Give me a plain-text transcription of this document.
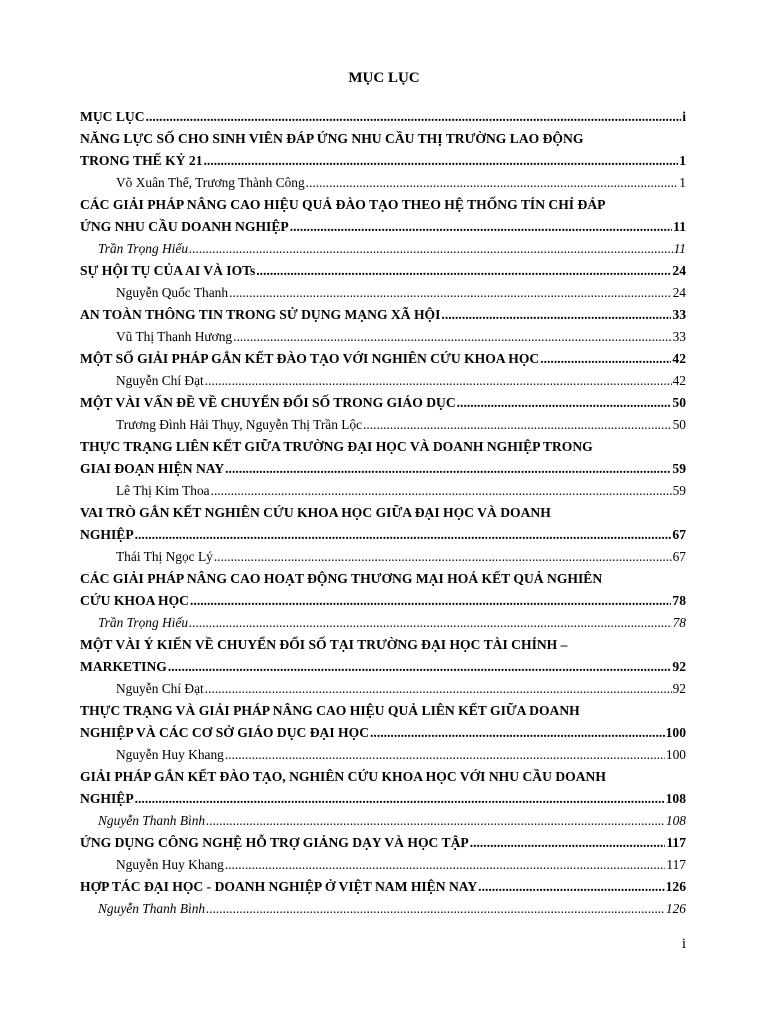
MỤC LỤC
MỤC LỤC .....	i
NĂNG LỰC SỐ CHO SINH VIÊN ĐÁP ỨNG NHU CẦU THỊ TRƯỜNG LAO ĐỘNG
TRONG THẾ KỶ 21 .....	1
Võ Xuân Thể, Trương Thành Công .....	1
CÁC GIẢI PHÁP NÂNG CAO HIỆU QUẢ ĐÀO TẠO THEO HỆ THỐNG TÍN CHỈ ĐÁP
ỨNG NHU CẦU DOANH NGHIỆP .....	11
Trần Trọng Hiếu .....	11
SỰ HỘI TỤ CỦA AI VÀ IOTs .....	24
Nguyễn Quốc Thanh .....	24
AN TOÀN THÔNG TIN TRONG SỬ DỤNG MẠNG XÃ HỘI .....	33
Vũ Thị Thanh Hương .....	33
MỘT SỐ GIẢI PHÁP GẮN KẾT ĐÀO TẠO VỚI NGHIÊN CỨU KHOA HỌC .....	42
Nguyễn Chí Đạt .....	42
MỘT VÀI VẤN ĐỀ VỀ CHUYỂN ĐỔI SỐ TRONG GIÁO DỤC .....	50
Trương Đình Hải Thụy, Nguyễn Thị Trần Lộc .....	50
THỰC TRẠNG LIÊN KẾT GIỮA TRƯỜNG ĐẠI HỌC VÀ DOANH NGHIỆP TRONG
GIAI ĐOẠN HIỆN NAY .....	59
Lê Thị Kim Thoa .....	59
VAI TRÒ GẮN KẾT NGHIÊN CỨU KHOA HỌC GIỮA ĐẠI HỌC VÀ DOANH
NGHIỆP .....	67
Thái Thị Ngọc Lý .....	67
CÁC GIẢI PHÁP NÂNG CAO HOẠT ĐỘNG THƯƠNG MẠI HOÁ KẾT QUẢ NGHIÊN
CỨU KHOA HỌC .....	78
Trần Trọng Hiếu .....	78
MỘT VÀI Ý KIẾN VỀ CHUYỂN ĐỔI SỐ TẠI TRƯỜNG ĐẠI HỌC TÀI CHÍNH –
MARKETING .....	92
Nguyễn Chí Đạt .....	92
THỰC TRẠNG VÀ GIẢI PHÁP NÂNG CAO HIỆU QUẢ LIÊN KẾT GIỮA DOANH
NGHIỆP VÀ CÁC CƠ SỞ GIÁO DỤC ĐẠI HỌC .....	100
Nguyễn Huy Khang .....	100
GIẢI PHÁP GẮN KẾT ĐÀO TẠO, NGHIÊN CỨU KHOA HỌC VỚI NHU CẦU DOANH
NGHIỆP .....	108
Nguyễn Thanh Bình .....	108
ỨNG DỤNG CÔNG NGHỆ HỖ TRỢ GIẢNG DẠY VÀ HỌC TẬP .....	117
Nguyễn Huy Khang .....	117
HỢP TÁC ĐẠI HỌC - DOANH NGHIỆP Ở VIỆT NAM HIỆN NAY .....	126
Nguyễn Thanh Bình .....	126
i
